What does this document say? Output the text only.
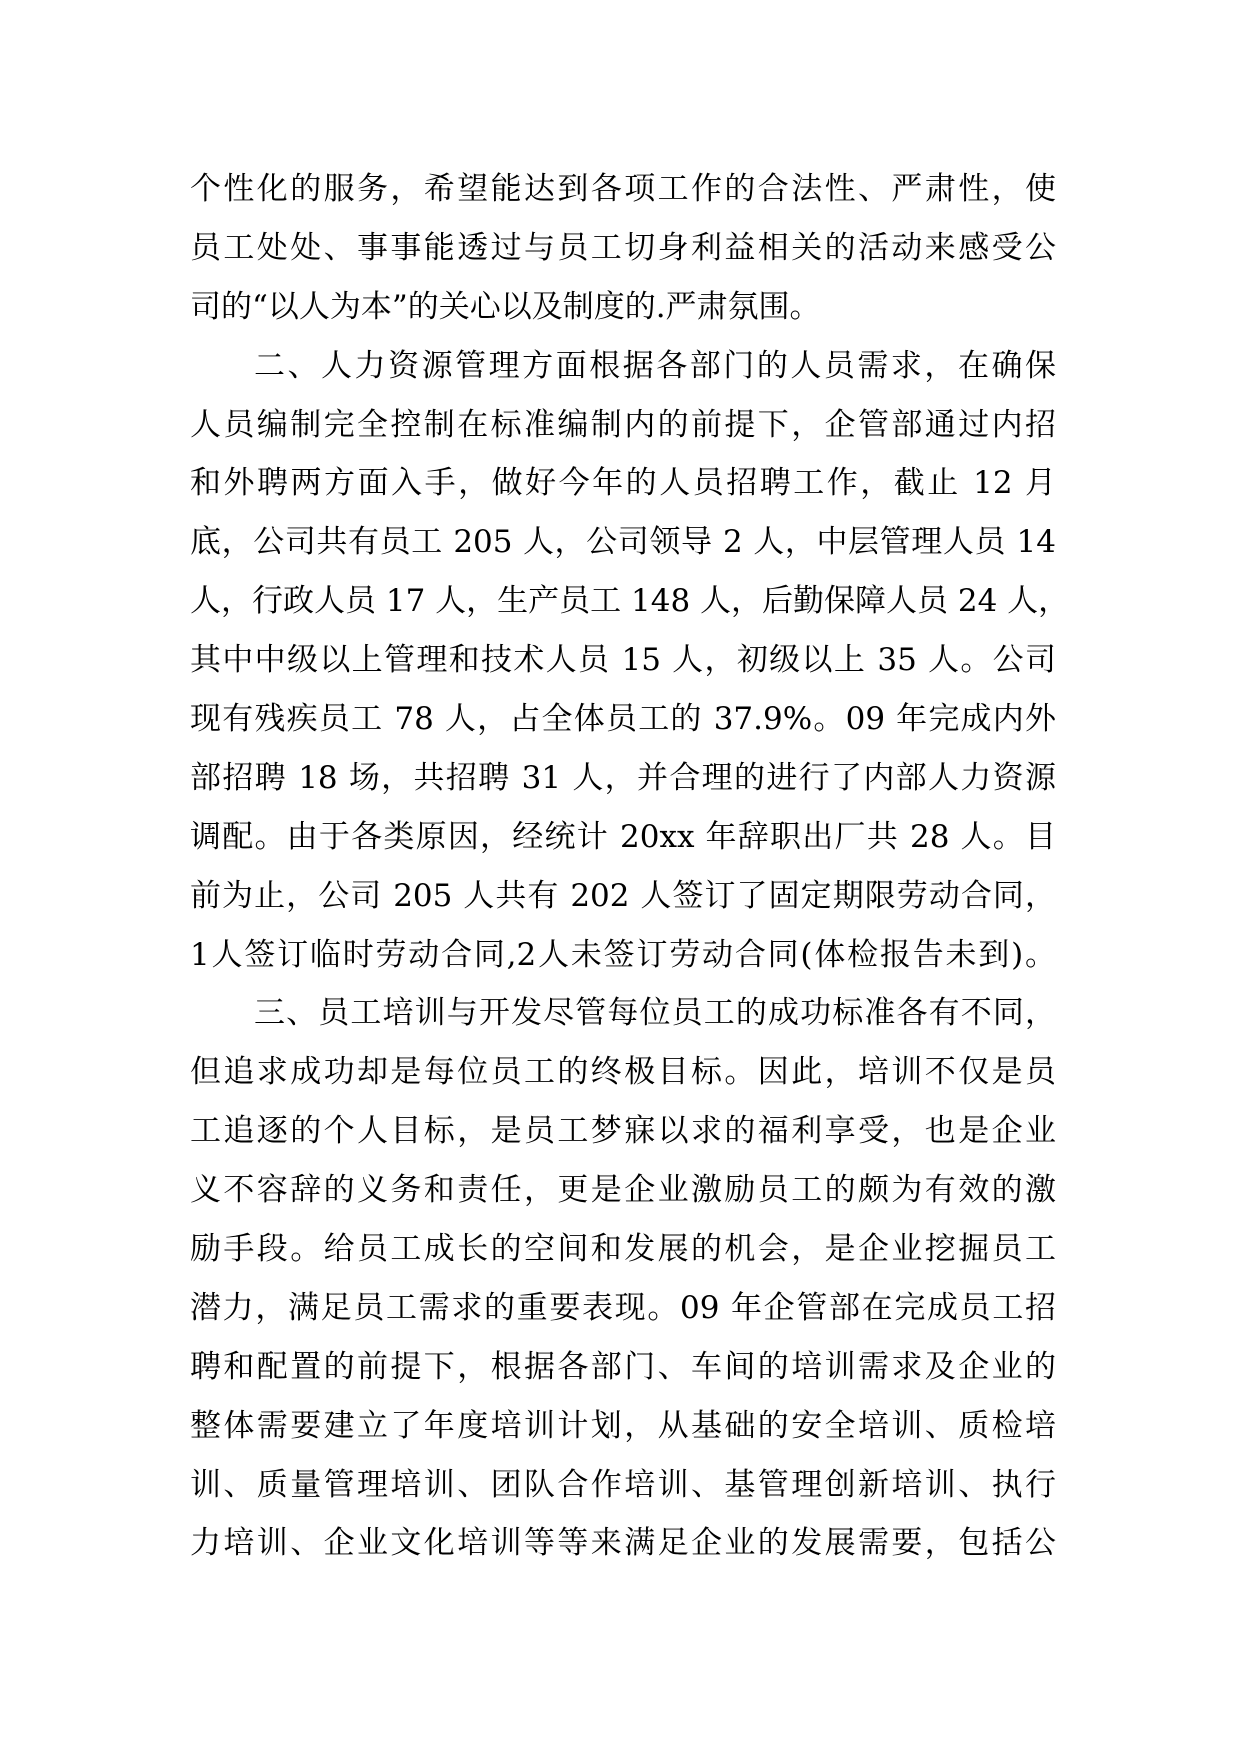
个性化的服务，希望能达到各项工作的合法性、严肃性，使
员工处处、事事能透过与员工切身利益相关的活动来感受公
司的“以人为本”的关心以及制度的.严肃氛围。
二、人力资源管理方面根据各部门的人员需求，在确保
人员编制完全控制在标准编制内的前提下，企管部通过内招
和外聘两方面入手，做好今年的人员招聘工作，截止 12 月
底，公司共有员工 205 人，公司领导 2 人，中层管理人员 14
人，行政人员 17 人，生产员工 148 人，后勤保障人员 24 人，
其中中级以上管理和技术人员 15 人，初级以上 35 人。公司
现有残疾员工 78 人，占全体员工的 37.9%。09 年完成内外
部招聘 18 场，共招聘 31 人，并合理的进行了内部人力资源
调配。由于各类原因，经统计 20xx 年辞职出厂共 28 人。目
前为止，公司 205 人共有 202 人签订了固定期限劳动合同，
1人签订临时劳动合同,2人未签订劳动合同(体检报告未到)。
三、员工培训与开发尽管每位员工的成功标准各有不同，
但追求成功却是每位员工的终极目标。因此，培训不仅是员
工追逐的个人目标，是员工梦寐以求的福利享受，也是企业
义不容辞的义务和责任，更是企业激励员工的颇为有效的激
励手段。给员工成长的空间和发展的机会，是企业挖掘员工
潜力，满足员工需求的重要表现。09 年企管部在完成员工招
聘和配置的前提下，根据各部门、车间的培训需求及企业的
整体需要建立了年度培训计划，从基础的安全培训、质检培
训、质量管理培训、团队合作培训、基管理创新培训、执行
力培训、企业文化培训等等来满足企业的发展需要，包括公
